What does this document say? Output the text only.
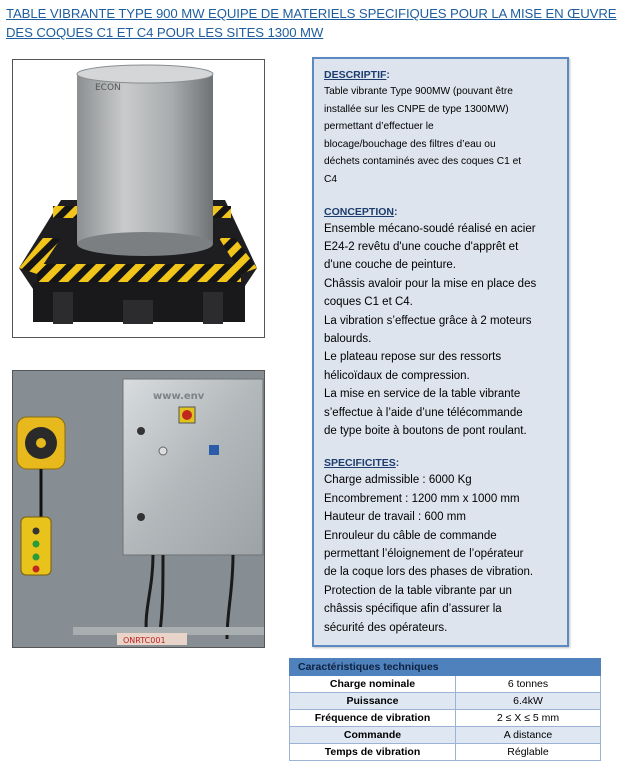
TABLE VIBRANTE TYPE 900 MW EQUIPE DE MATERIELS SPECIFIQUES POUR LA MISE EN ŒUVRE DES COQUES C1 ET C4 POUR LES SITES 1300 MW
ECON
www.env
ONRTC001
DESCRIPTIF:
Table vibrante Type 900MW (pouvant être
installée sur les CNPE de type 1300MW)
permettant d’effectuer le
blocage/bouchage des filtres d’eau ou
déchets contaminés avec des coques C1 et
C4
CONCEPTION:
Ensemble mécano-soudé réalisé en acier
E24-2 revêtu d'une couche d'apprêt et
d'une couche de peinture.
Châssis avaloir pour la mise en place des
coques C1 et C4.
La vibration s’effectue grâce à 2 moteurs
balourds.
Le plateau repose sur des ressorts
hélicoïdaux de compression.
La mise en service de la table vibrante
s’effectue à l’aide d’une télécommande
de type boite à boutons de pont roulant.
SPECIFICITES:
Charge admissible : 6000 Kg
Encombrement : 1200 mm x 1000 mm
Hauteur de travail : 600 mm
Enrouleur du câble de commande
permettant l’éloignement de l’opérateur
de la coque lors des phases de vibration.
Protection de la table vibrante par un
châssis spécifique afin d’assurer la
sécurité des opérateurs.
Caractéristiques techniques	
Charge nominale	6 tonnes
Puissance	6.4kW
Fréquence de vibration	2 ≤ X ≤ 5 mm
Commande	A distance
Temps de vibration	Réglable
